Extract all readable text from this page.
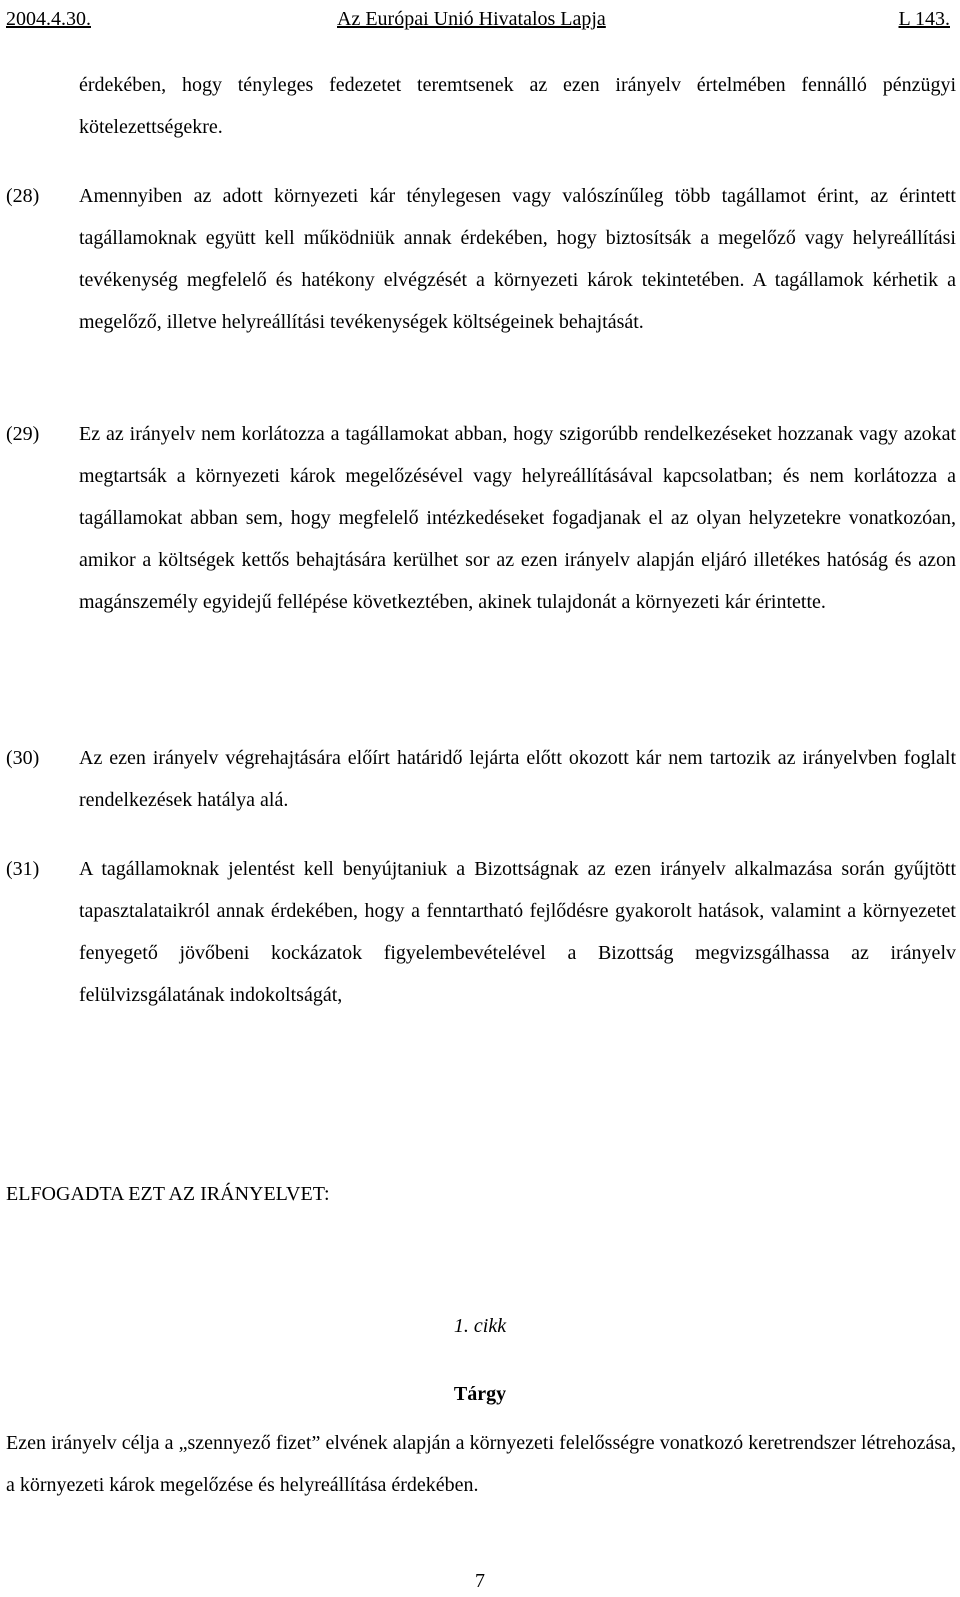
2004.4.30.	Az Európai Unió Hivatalos Lapja	L 143.
érdekében, hogy tényleges fedezetet teremtsenek az ezen irányelv értelmében fennálló pénzügyi kötelezettségekre.
(28) Amennyiben az adott környezeti kár ténylegesen vagy valószínűleg több tagállamot érint, az érintett tagállamoknak együtt kell működniük annak érdekében, hogy biztosítsák a megelőző vagy helyreállítási tevékenység megfelelő és hatékony elvégzését a környezeti károk tekintetében. A tagállamok kérhetik a megelőző, illetve helyreállítási tevékenységek költségeinek behajtását.
(29) Ez az irányelv nem korlátozza a tagállamokat abban, hogy szigorúbb rendelkezéseket hozzanak vagy azokat megtartsák a környezeti károk megelőzésével vagy helyreállításával kapcsolatban; és nem korlátozza a tagállamokat abban sem, hogy megfelelő intézkedéseket fogadjanak el az olyan helyzetekre vonatkozóan, amikor a költségek kettős behajtására kerülhet sor az ezen irányelv alapján eljáró illetékes hatóság és azon magánszemély egyidejű fellépése következtében, akinek tulajdonát a környezeti kár érintette.
(30) Az ezen irányelv végrehajtására előírt határidő lejárta előtt okozott kár nem tartozik az irányelvben foglalt rendelkezések hatálya alá.
(31) A tagállamoknak jelentést kell benyújtaniuk a Bizottságnak az ezen irányelv alkalmazása során gyűjtött tapasztalataikról annak érdekében, hogy a fenntartható fejlődésre gyakorolt hatások, valamint a környezetet fenyegető jövőbeni kockázatok figyelembevételével a Bizottság megvizsgálhassa az irányelv felülvizsgálatának indokoltságát,
ELFOGADTA EZT AZ IRÁNYELVET:
1. cikk
Tárgy
Ezen irányelv célja a „szennyező fizet” elvének alapján a környezeti felelősségre vonatkozó keretrendszer létrehozása, a környezeti károk megelőzése és helyreállítása érdekében.
7
